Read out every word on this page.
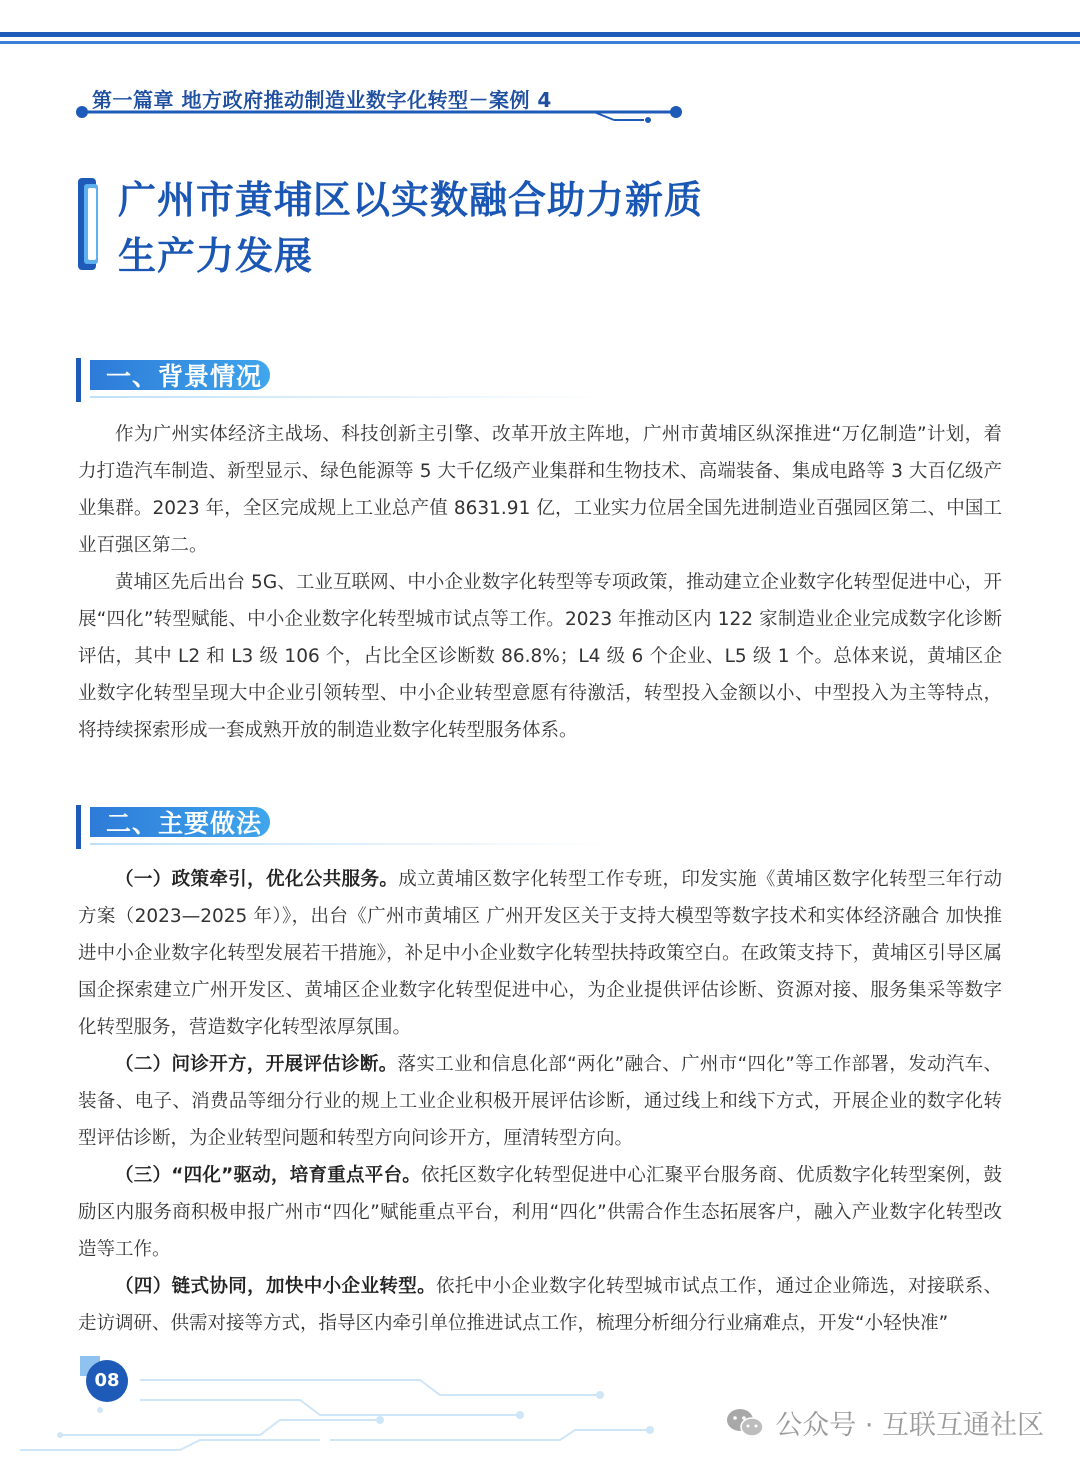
第一篇章 地方政府推动制造业数字化转型－案例 4
广州市黄埔区以实数融合助力新质
生产力发展
一、背景情况

作为广州实体经济主战场、科技创新主引擎、改革开放主阵地，广州市黄埔区纵深推进“万亿制造”计划，着力打造汽车制造、新型显示、绿色能源等 5 大千亿级产业集群和生物技术、高端装备、集成电路等 3 大百亿级产业集群。2023 年，全区完成规上工业总产值 8631.91 亿，工业实力位居全国先进制造业百强园区第二、中国工业百强区第二。

黄埔区先后出台 5G、工业互联网、中小企业数字化转型等专项政策，推动建立企业数字化转型促进中心，开展“四化”转型赋能、中小企业数字化转型城市试点等工作。2023 年推动区内 122 家制造业企业完成数字化诊断评估，其中 L2 和 L3 级 106 个，占比全区诊断数 86.8%；L4 级 6 个企业、L5 级 1 个。总体来说，黄埔区企业数字化转型呈现大中企业引领转型、中小企业转型意愿有待激活，转型投入金额以小、中型投入为主等特点，将持续探索形成一套成熟开放的制造业数字化转型服务体系。

二、主要做法

（一）政策牵引，优化公共服务。成立黄埔区数字化转型工作专班，印发实施《黄埔区数字化转型三年行动方案（2023—2025 年）》，出台《广州市黄埔区 广州开发区关于支持大模型等数字技术和实体经济融合 加快推进中小企业数字化转型发展若干措施》，补足中小企业数字化转型扶持政策空白。在政策支持下，黄埔区引导区属国企探索建立广州开发区、黄埔区企业数字化转型促进中心，为企业提供评估诊断、资源对接、服务集采等数字化转型服务，营造数字化转型浓厚氛围。

（二）问诊开方，开展评估诊断。落实工业和信息化部“两化”融合、广州市“四化”等工作部署，发动汽车、装备、电子、消费品等细分行业的规上工业企业积极开展评估诊断，通过线上和线下方式，开展企业的数字化转型评估诊断，为企业转型问题和转型方向问诊开方，厘清转型方向。

（三）“四化”驱动，培育重点平台。依托区数字化转型促进中心汇聚平台服务商、优质数字化转型案例，鼓励区内服务商积极申报广州市“四化”赋能重点平台，利用“四化”供需合作生态拓展客户，融入产业数字化转型改造等工作。

（四）链式协同，加快中小企业转型。依托中小企业数字化转型城市试点工作，通过企业筛选，对接联系、走访调研、供需对接等方式，指导区内牵引单位推进试点工作，梳理分析细分行业痛难点，开发“小轻快准”

08
公众号 · 互联互通社区
